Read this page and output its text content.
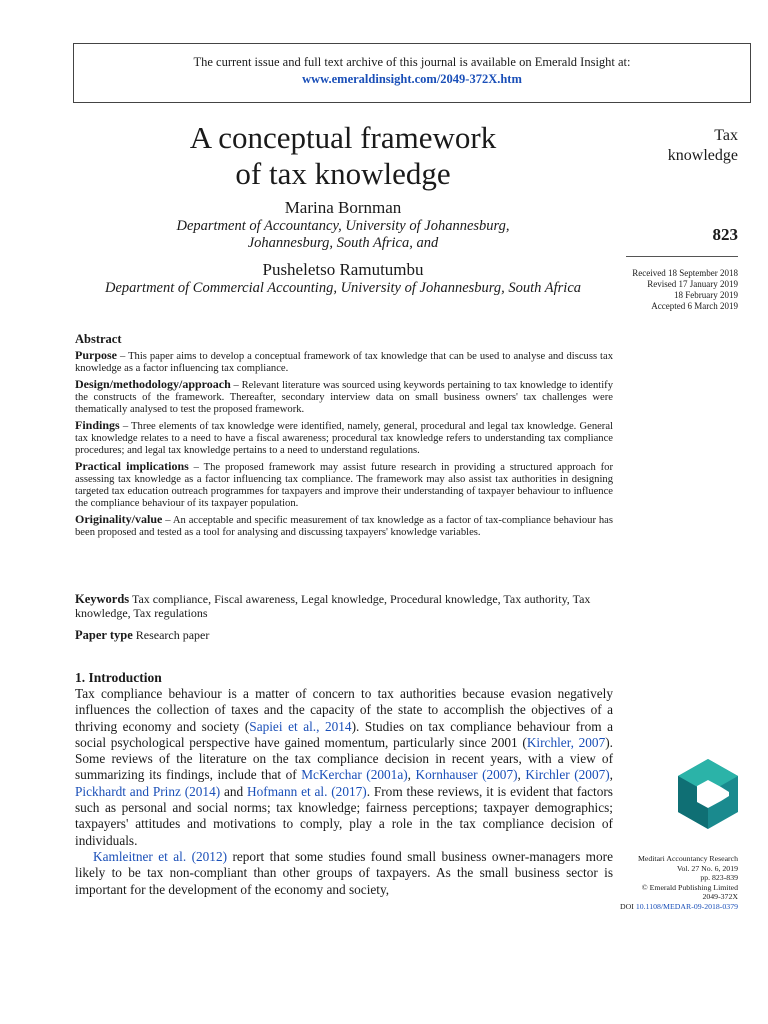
The current issue and full text archive of this journal is available on Emerald Insight at:
www.emeraldinsight.com/2049-372X.htm
A conceptual framework
of tax knowledge
Marina Bornman
Department of Accountancy, University of Johannesburg,
Johannesburg, South Africa, and
Pusheletso Ramutumbu
Department of Commercial Accounting, University of Johannesburg, South Africa
Tax
knowledge
823
Received 18 September 2018
Revised 17 January 2019
18 February 2019
Accepted 6 March 2019
Abstract
Purpose – This paper aims to develop a conceptual framework of tax knowledge that can be used to analyse and discuss tax knowledge as a factor influencing tax compliance.
Design/methodology/approach – Relevant literature was sourced using keywords pertaining to tax knowledge to identify the constructs of the framework. Thereafter, secondary interview data on small business owners' tax challenges were thematically analysed to test the proposed framework.
Findings – Three elements of tax knowledge were identified, namely, general, procedural and legal tax knowledge. General tax knowledge relates to a need to have a fiscal awareness; procedural tax knowledge refers to understanding tax compliance procedures; and legal tax knowledge pertains to a need to understand regulations.
Practical implications – The proposed framework may assist future research in providing a structured approach for assessing tax knowledge as a factor influencing tax compliance. The framework may also assist tax authorities in designing targeted tax education outreach programmes for taxpayers and improve their understanding of taxpayer behaviour to influence the compliance behaviour of its taxpayer population.
Originality/value – An acceptable and specific measurement of tax knowledge as a factor of tax-compliance behaviour has been proposed and tested as a tool for analysing and discussing taxpayers' knowledge variables.
Keywords Tax compliance, Fiscal awareness, Legal knowledge, Procedural knowledge, Tax authority, Tax knowledge, Tax regulations
Paper type Research paper
1. Introduction

Tax compliance behaviour is a matter of concern to tax authorities because evasion negatively influences the collection of taxes and the capacity of the state to accomplish the objectives of a thriving economy and society (Sapiei et al., 2014). Studies on tax compliance behaviour from a social psychological perspective have gained momentum, particularly since 2001 (Kirchler, 2007). Some reviews of the literature on the tax compliance decision in recent years, with a view of summarizing its findings, include that of McKerchar (2001a), Kornhauser (2007), Kirchler (2007), Pickhardt and Prinz (2014) and Hofmann et al. (2017). From these reviews, it is evident that factors such as personal and social norms; tax knowledge; fairness perceptions; taxpayer demographics; taxpayers' attitudes and motivations to comply, play a role in the tax compliance decision of individuals.

Kamleitner et al. (2012) report that some studies found small business owner-managers more likely to be tax non-compliant than other groups of taxpayers. As the small business sector is important for the development of the economy and society,

Meditari Accountancy Research
Vol. 27 No. 6, 2019
pp. 823-839
© Emerald Publishing Limited
2049-372X
DOI 10.1108/MEDAR-09-2018-0379
